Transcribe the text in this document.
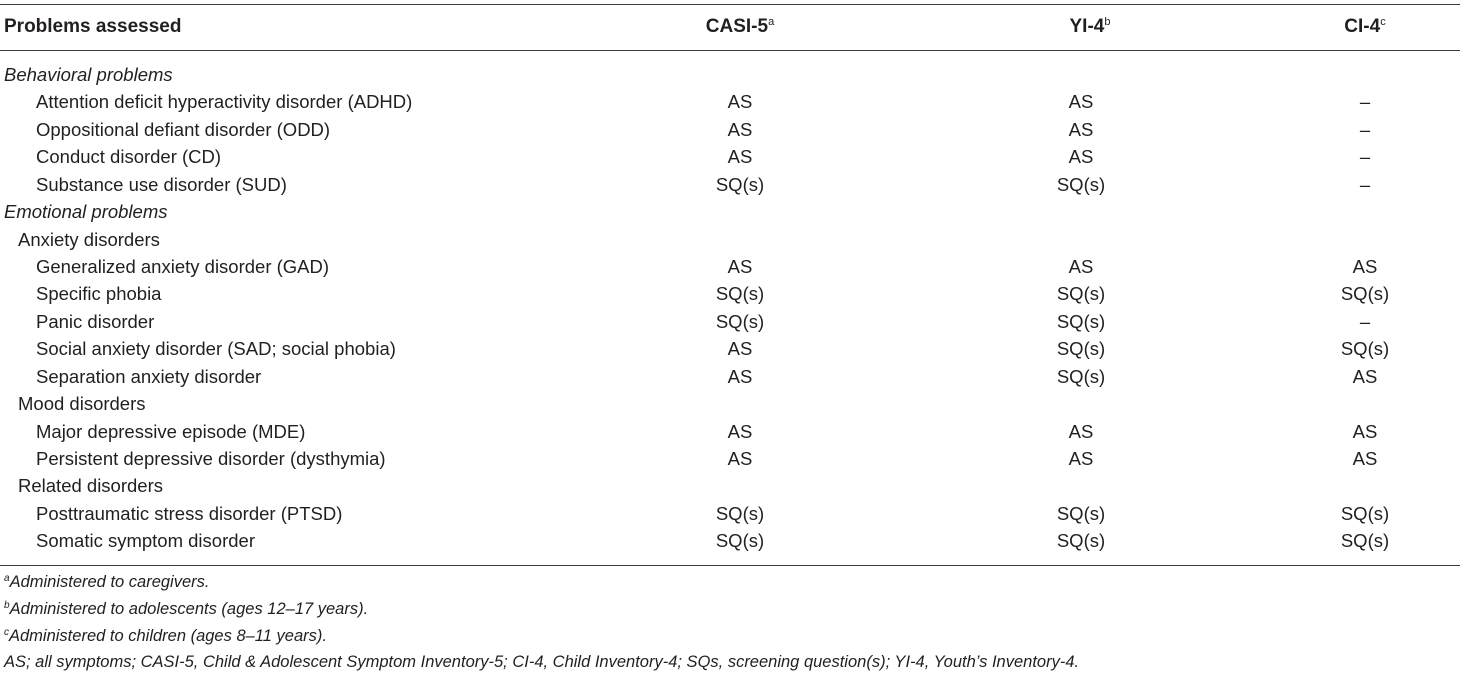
Problems assessed	CASI-5$^a$	YI-4$^b$	CI-4$^c$
Behavioral problems
Attention deficit hyperactivity disorder (ADHD)	AS	AS	–
Oppositional defiant disorder (ODD)	AS	AS	–
Conduct disorder (CD)	AS	AS	–
Substance use disorder (SUD)	SQ(s)	SQ(s)	–
Emotional problems
Anxiety disorders
Generalized anxiety disorder (GAD)	AS	AS	AS
Specific phobia	SQ(s)	SQ(s)	SQ(s)
Panic disorder	SQ(s)	SQ(s)	–
Social anxiety disorder (SAD; social phobia)	AS	SQ(s)	SQ(s)
Separation anxiety disorder	AS	SQ(s)	AS
Mood disorders
Major depressive episode (MDE)	AS	AS	AS
Persistent depressive disorder (dysthymia)	AS	AS	AS
Related disorders
Posttraumatic stress disorder (PTSD)	SQ(s)	SQ(s)	SQ(s)
Somatic symptom disorder	SQ(s)	SQ(s)	SQ(s)
$^a$Administered to caregivers.
$^b$Administered to adolescents (ages 12–17 years).
$^c$Administered to children (ages 8–11 years).
AS; all symptoms; CASI-5, Child & Adolescent Symptom Inventory-5; CI-4, Child Inventory-4; SQs, screening question(s); YI-4, Youth’s Inventory-4.
